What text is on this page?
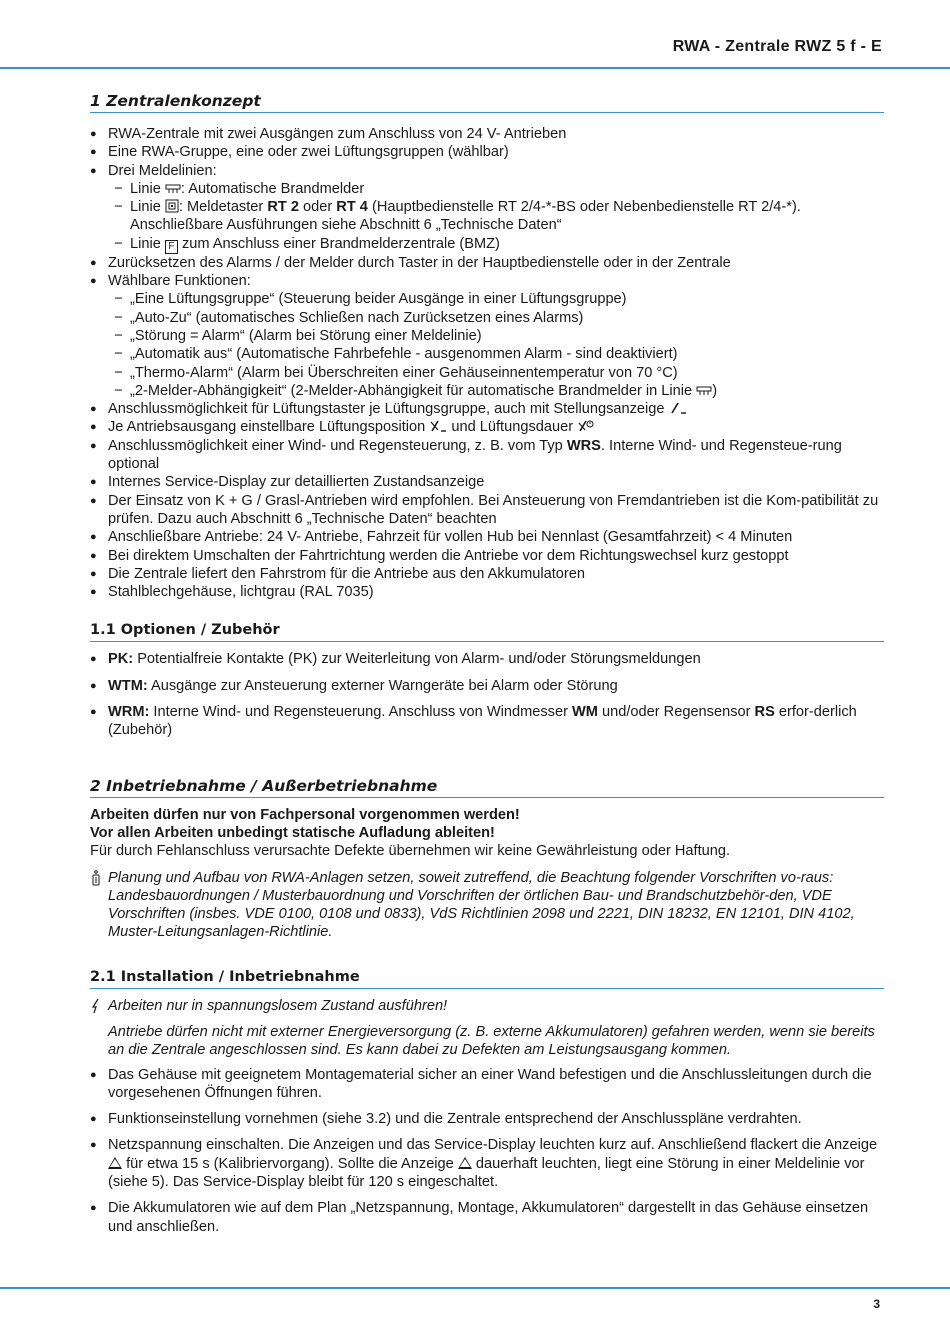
RWA - Zentrale RWZ 5 f - E
1 Zentralenkonzept
● RWA-Zentrale mit zwei Ausgängen zum Anschluss von 24 V- Antrieben
● Eine RWA-Gruppe, eine oder zwei Lüftungsgruppen (wählbar)
● Drei Meldelinien:
− Linie : Automatische Brandmelder
− Linie : Meldetaster RT 2 oder RT 4 (Hauptbedienstelle RT 2/4-*-BS oder Nebenbedienstelle RT 2/4-*).
Anschließbare Ausführungen siehe Abschnitt 6 „Technische Daten“
− Linie F zum Anschluss einer Brandmelderzentrale (BMZ)
● Zurücksetzen des Alarms / der Melder durch Taster in der Hauptbedienstelle oder in der Zentrale
● Wählbare Funktionen:
− „Eine Lüftungsgruppe“ (Steuerung beider Ausgänge in einer Lüftungsgruppe)
− „Auto-Zu“ (automatisches Schließen nach Zurücksetzen eines Alarms)
− „Störung = Alarm“ (Alarm bei Störung einer Meldelinie)
− „Automatik aus“ (Automatische Fahrbefehle - ausgenommen Alarm - sind deaktiviert)
− „Thermo-Alarm“ (Alarm bei Überschreiten einer Gehäuseinnentemperatur von 70 °C)
− „2-Melder-Abhängigkeit“ (2-Melder-Abhängigkeit für automatische Brandmelder in Linie )
● Anschlussmöglichkeit für Lüftungstaster je Lüftungsgruppe, auch mit Stellungsanzeige
● Je Antriebsausgang einstellbare Lüftungsposition und Lüftungsdauer
● Anschlussmöglichkeit einer Wind- und Regensteuerung, z. B. vom Typ WRS. Interne Wind- und Regensteue-rung optional
● Internes Service-Display zur detaillierten Zustandsanzeige
● Der Einsatz von K + G / Grasl-Antrieben wird empfohlen. Bei Ansteuerung von Fremdantrieben ist die Kom-patibilität zu prüfen. Dazu auch Abschnitt 6 „Technische Daten“ beachten
● Anschließbare Antriebe: 24 V- Antriebe, Fahrzeit für vollen Hub bei Nennlast (Gesamtfahrzeit) < 4 Minuten
● Bei direktem Umschalten der Fahrtrichtung werden die Antriebe vor dem Richtungswechsel kurz gestoppt
● Die Zentrale liefert den Fahrstrom für die Antriebe aus den Akkumulatoren
● Stahlblechgehäuse, lichtgrau (RAL 7035)
1.1 Optionen / Zubehör
● PK: Potentialfreie Kontakte (PK) zur Weiterleitung von Alarm- und/oder Störungsmeldungen
● WTM: Ausgänge zur Ansteuerung externer Warngeräte bei Alarm oder Störung
● WRM: Interne Wind- und Regensteuerung. Anschluss von Windmesser WM und/oder Regensensor RS erfor-derlich (Zubehör)
2 Inbetriebnahme / Außerbetriebnahme
Arbeiten dürfen nur von Fachpersonal vorgenommen werden!
Vor allen Arbeiten unbedingt statische Aufladung ableiten!
Für durch Fehlanschluss verursachte Defekte übernehmen wir keine Gewährleistung oder Haftung.
Planung und Aufbau von RWA-Anlagen setzen, soweit zutreffend, die Beachtung folgender Vorschriften vo-raus: Landesbauordnungen / Musterbauordnung und Vorschriften der örtlichen Bau- und Brandschutzbehör-den, VDE Vorschriften (insbes. VDE 0100, 0108 und 0833), VdS Richtlinien 2098 und 2221, DIN 18232, EN 12101, DIN 4102, Muster-Leitungsanlagen-Richtlinie.
2.1 Installation / Inbetriebnahme
Arbeiten nur in spannungslosem Zustand ausführen!
Antriebe dürfen nicht mit externer Energieversorgung (z. B. externe Akkumulatoren) gefahren werden, wenn sie bereits an die Zentrale angeschlossen sind. Es kann dabei zu Defekten am Leistungsausgang kommen.
● Das Gehäuse mit geeignetem Montagematerial sicher an einer Wand befestigen und die Anschlussleitungen durch die vorgesehenen Öffnungen führen.
● Funktionseinstellung vornehmen (siehe 3.2) und die Zentrale entsprechend der Anschlusspläne verdrahten.
● Netzspannung einschalten. Die Anzeigen und das Service-Display leuchten kurz auf. Anschließend flackert die Anzeige  für etwa 15 s (Kalibriervorgang). Sollte die Anzeige dauerhaft leuchten, liegt eine Störung in einer Meldelinie vor (siehe 5). Das Service-Display bleibt für 120 s eingeschaltet.
● Die Akkumulatoren wie auf dem Plan „Netzspannung, Montage, Akkumulatoren“ dargestellt in das Gehäuse einsetzen und anschließen.
3
